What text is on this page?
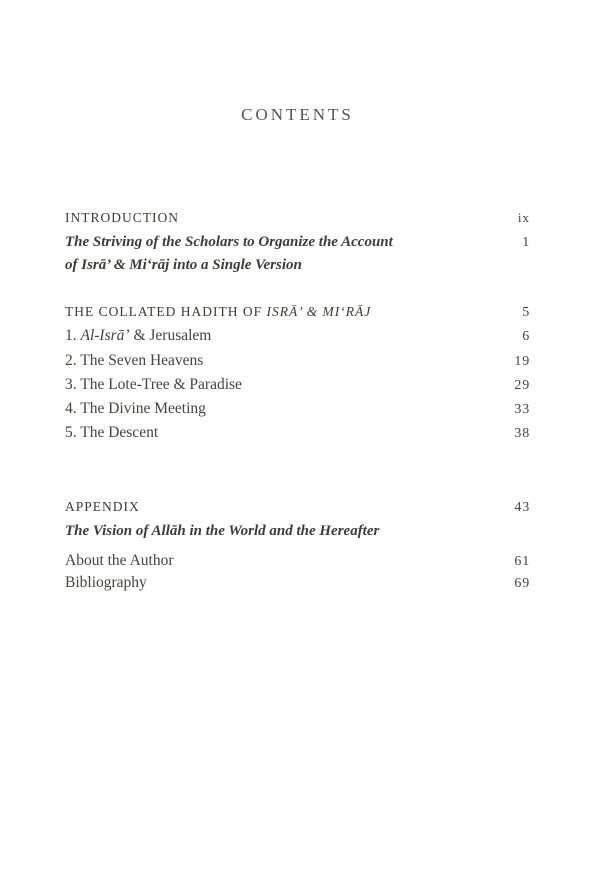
CONTENTS
INTRODUCTION	ix
The Striving of the Scholars to Organize the Account	1
of Isrā’ & Mi‘rāj into a Single Version
THE COLLATED HADITH OF ISRĀ’ & MI‘RĀJ	5
1. Al-Isrā’ & Jerusalem	6
2. The Seven Heavens	19
3. The Lote-Tree & Paradise	29
4. The Divine Meeting	33
5. The Descent	38
APPENDIX	43
The Vision of Allāh in the World and the Hereafter
About the Author	61
Bibliography	69
